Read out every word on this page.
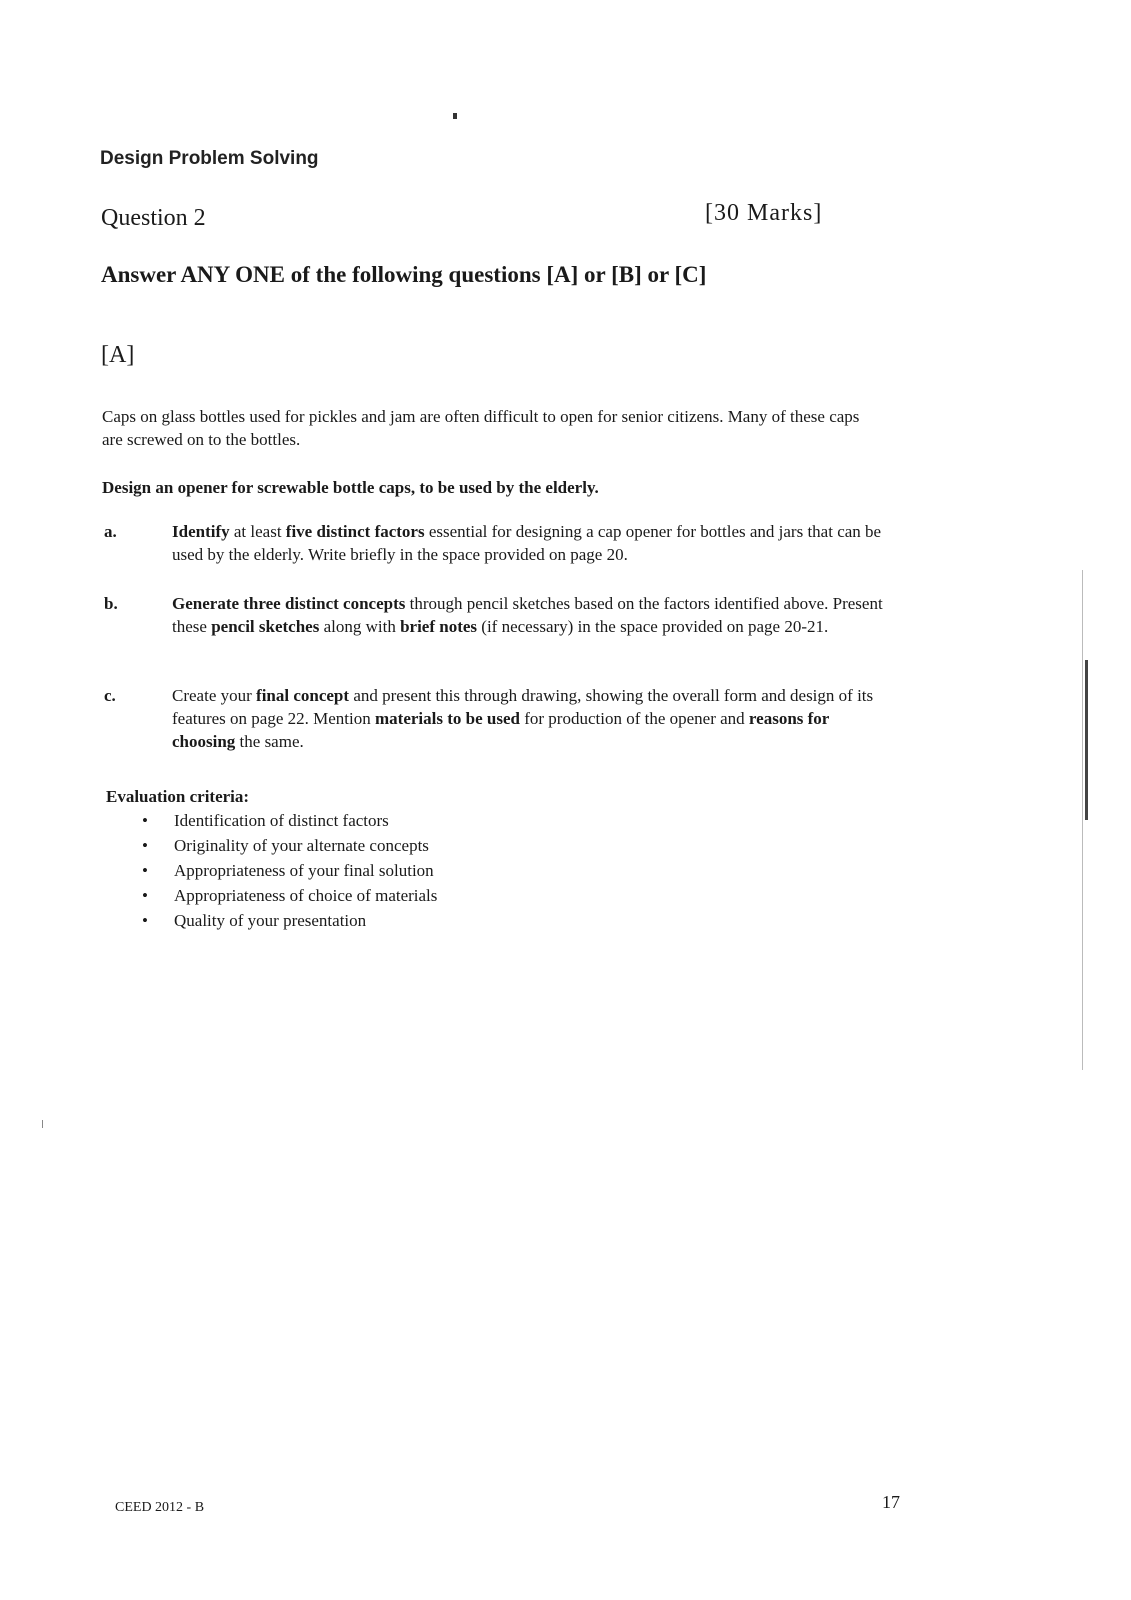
Design Problem Solving
Question 2	[30 Marks]
Answer ANY ONE of the following questions [A] or [B] or [C]
[A]
Caps on glass bottles used for pickles and jam are often difficult to open for senior citizens. Many of these caps are screwed on to the bottles.
Design an opener for screwable bottle caps, to be used by the elderly.
a.	Identify at least five distinct factors essential for designing a cap opener for bottles and jars that can be used by the elderly. Write briefly in the space provided on page 20.
b.	Generate three distinct concepts through pencil sketches based on the factors identified above. Present these pencil sketches along with brief notes (if necessary) in the space provided on page 20-21.
c.	Create your final concept and present this through drawing, showing the overall form and design of its features on page 22. Mention materials to be used for production of the opener and reasons for choosing the same.
Evaluation criteria:
• Identification of distinct factors
• Originality of your alternate concepts
• Appropriateness of your final solution
• Appropriateness of choice of materials
• Quality of your presentation
CEED 2012 - B	17
